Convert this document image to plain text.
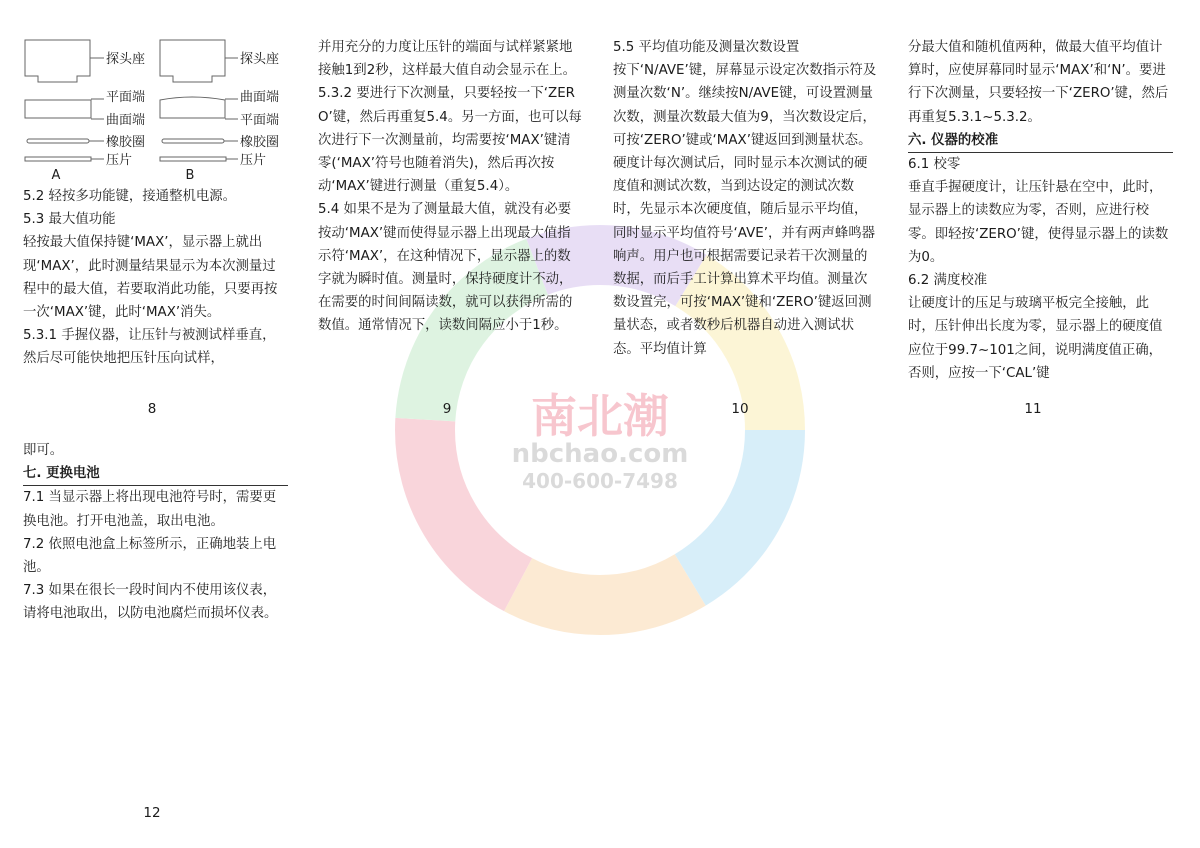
南北潮
nbchao.com
400-600-7498
探头座
平面端
曲面端
橡胶圈
压片
A
探头座
曲面端
平面端
橡胶圈
压片
B

5.2 轻按多功能键，接通整机电源。

5.3 最大值功能

轻按最大值保持键‘MAX’，显示器上就出现‘MAX’，此时测量结果显示为本次测量过程中的最大值，若要取消此功能，只要再按一次‘MAX’键，此时‘MAX’消失。

5.3.1 手握仪器，让压针与被测试样垂直，然后尽可能快地把压针压向试样，

8

并用充分的力度让压针的端面与试样紧紧地接触1到2秒，这样最大值自动会显示在上。

5.3.2 要进行下次测量，只要轻按一下‘ZERO’键，然后再重复5.4。另一方面，也可以每次进行下一次测量前，均需要按‘MAX’键清零(‘MAX’符号也随着消失)，然后再次按动‘MAX’键进行测量（重复5.4）。

5.4 如果不是为了测量最大值，就没有必要按动‘MAX’键而使得显示器上出现最大值指示符‘MAX’，在这种情况下，显示器上的数字就为瞬时值。测量时，保持硬度计不动，在需要的时间间隔读数，就可以获得所需的数值。通常情况下，读数间隔应小于1秒。

9

5.5 平均值功能及测量次数设置

按下‘N/AVE’键，屏幕显示设定次数指示符及测量次数‘N’。继续按N/AVE键，可设置测量次数，测量次数最大值为9，当次数设定后，可按‘ZERO’键或‘MAX’键返回到测量状态。硬度计每次测试后，同时显示本次测试的硬度值和测试次数，当到达设定的测试次数时，先显示本次硬度值，随后显示平均值，同时显示平均值符号‘AVE’，并有两声蜂鸣器响声。用户也可根据需要记录若干次测量的数据，而后手工计算出算术平均值。测量次数设置完，可按‘MAX’键和‘ZERO’键返回测量状态，或者数秒后机器自动进入测试状态。平均值计算

10

分最大值和随机值两种，做最大值平均值计算时，应使屏幕同时显示‘MAX’和‘N’。要进行下次测量，只要轻按一下‘ZERO’键，然后再重复5.3.1~5.3.2。

六. 仪器的校准

6.1 校零

垂直手握硬度计，让压针悬在空中，此时，显示器上的读数应为零，否则，应进行校零。即轻按‘ZERO’键，使得显示器上的读数为0。

6.2 满度校准

让硬度计的压足与玻璃平板完全接触，此时，压针伸出长度为零，显示器上的硬度值应位于99.7~101之间，说明满度值正确，否则，应按一下‘CAL’键

11

即可。

七. 更换电池

7.1 当显示器上将出现电池符号时，需要更换电池。打开电池盖，取出电池。

7.2 依照电池盒上标签所示，正确地装上电池。

7.3 如果在很长一段时间内不使用该仪表，请将电池取出，以防电池腐烂而损坏仪表。

12
